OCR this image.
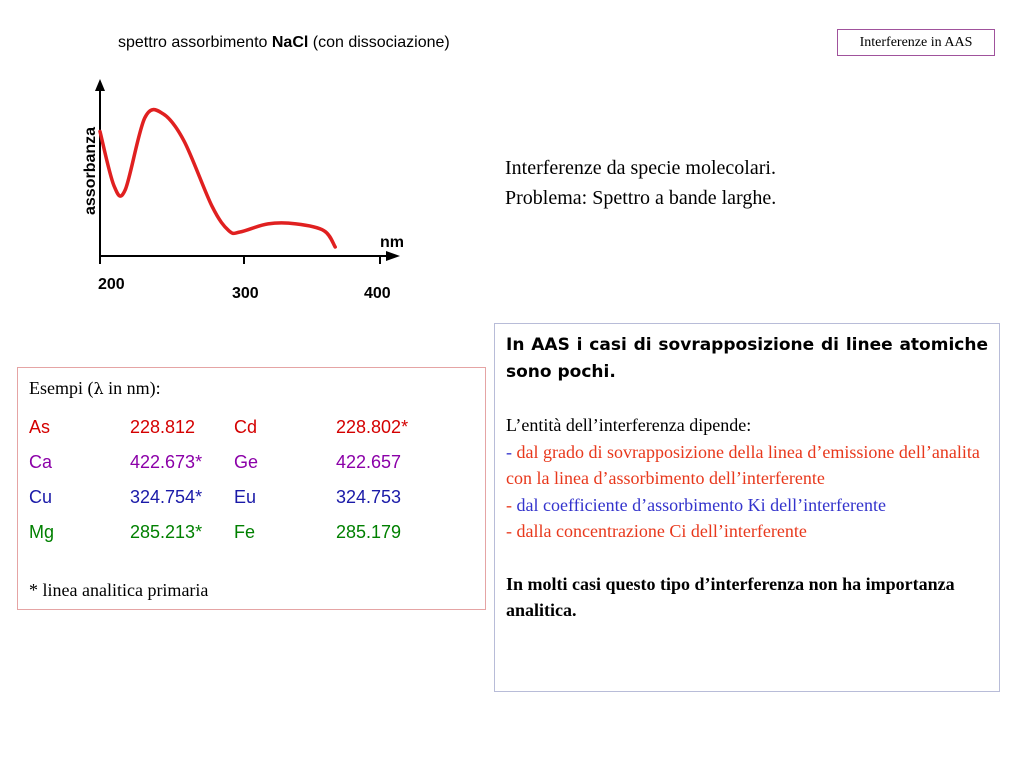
Interferenze in AAS
spettro assorbimento NaCl (con dissociazione)
assorbanza
nm
200
300	400
Interferenze da specie molecolari.
Problema: Spettro a bande larghe.
Esempi (λ in nm):
As	228.812 Cd	228.802*
Ca	422.673* Ge	422.657
Cu	324.754* Eu	324.753
Mg	285.213* Fe	285.179
* linea analitica primaria
In AAS i casi di sovrapposizione di linee atomiche sono pochi.
L’entità dell’interferenza dipende:
- dal grado di sovrapposizione della linea d’emissione dell’analita con la linea d’assorbimento dell’interferente
- dal coefficiente d’assorbimento Ki dell’interferente
- dalla concentrazione Ci dell’interferente
In molti casi questo tipo d’interferenza non ha importanza analitica.
